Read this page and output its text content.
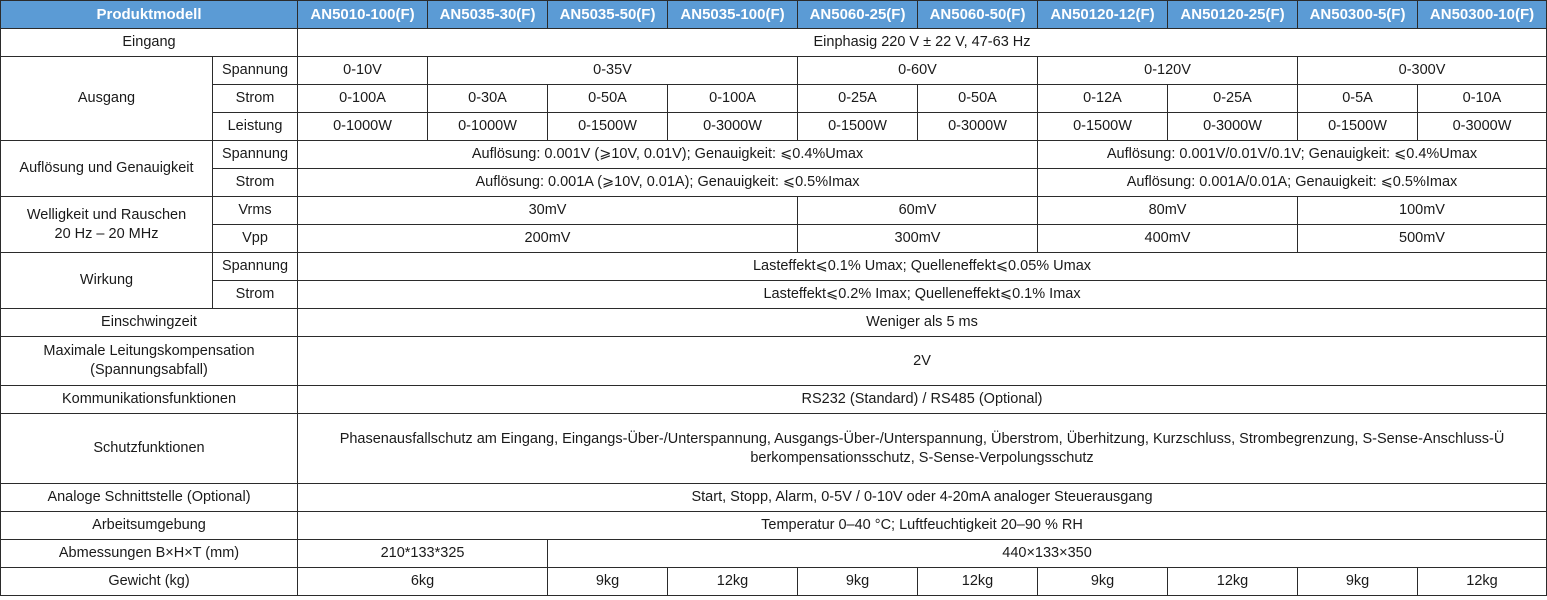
Produktmodell		AN5010-100(F)	AN5035-30(F)	AN5035-50(F)	AN5035-100(F)	AN5060-25(F)	AN5060-50(F)	AN50120-12(F)	AN50120-25(F)	AN50300-5(F)	AN50300-10(F)
Eingang		Einphasig 220 V ± 22 V, 47-63 Hz									
Ausgang	Spannung	0-10V	0-35V			0-60V		0-120V		0-300V	
	Strom	0-100A	0-30A	0-50A	0-100A	0-25A	0-50A	0-12A	0-25A	0-5A	0-10A
	Leistung	0-1000W	0-1000W	0-1500W	0-3000W	0-1500W	0-3000W	0-1500W	0-3000W	0-1500W	0-3000W
Auflösung und Genauigkeit	Spannung	Auflösung: 0.001V (⩾10V, 0.01V); Genauigkeit: ⩽0.4%Umax						Auflösung: 0.001V/0.01V/0.1V; Genauigkeit: ⩽0.4%Umax			
	Strom	Auflösung: 0.001A (⩾10V, 0.01A); Genauigkeit: ⩽0.5%Imax						Auflösung: 0.001A/0.01A; Genauigkeit: ⩽0.5%Imax			

Welligkeit und Rauschen
20 Hz – 20 MHz	Vrms	30mV				60mV		80mV		100mV	
	Vpp	200mV				300mV		400mV		500mV	
Wirkung	Spannung	Lasteffekt⩽0.1% Umax; Quelleneffekt⩽0.05% Umax									
	Strom	Lasteffekt⩽0.2% Imax; Quelleneffekt⩽0.1% Imax									
Einschwingzeit		Weniger als 5 ms									

Maximale Leitungskompensation
(Spannungsabfall)		2V									
Kommunikationsfunktionen		RS232 (Standard) / RS485 (Optional)									
Schutzfunktionen		Phasenausfallschutz am Eingang, Eingangs-Über-/Unterspannung, Ausgangs-Über-/Unterspannung, Überstrom, Überhitzung, Kurzschluss, Strombegrenzung, S-Sense-Anschluss-Ü
berkompensationsschutz, S-Sense-Verpolungsschutz									

Analoge Schnittstelle (Optional)		Start, Stopp, Alarm, 0-5V / 0-10V oder 4-20mA analoger Steuerausgang									
Arbeitsumgebung		Temperatur 0–40 °C; Luftfeuchtigkeit 20–90 % RH									
Abmessungen B×H×T (mm)		210*133*325		440×133×350							
Gewicht (kg)		6kg		9kg	12kg	9kg	12kg	9kg	12kg	9kg	12kg
